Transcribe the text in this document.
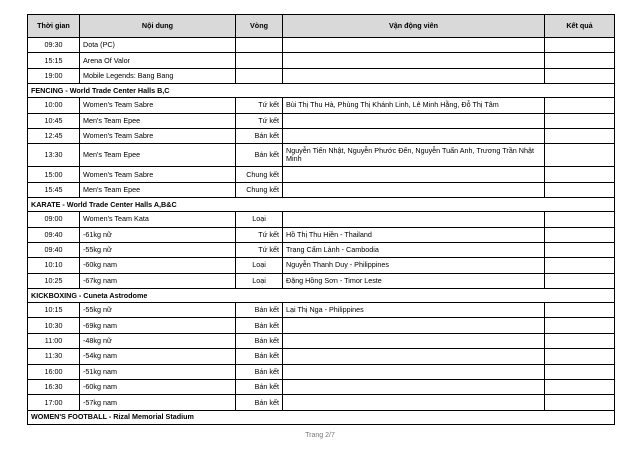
Thời gian	Nội dung	Vòng	Vận động viên	Kết quả
09:30	Dota (PC)			
15:15	Arena Of Valor			
19:00	Mobile Legends: Bang Bang			
FENCING - World Trade Center Halls B,C				
10:00	Women's Team Sabre	Tứ kết	Bùi Thị Thu Hà, Phùng Thị Khánh Linh, Lê Minh Hằng, Đỗ Thị Tâm	
10:45	Men's Team Epee	Tứ kết		
12:45	Women's Team Sabre	Bán kết		
13:30	Men's Team Epee	Bán kết	Nguyễn Tiến Nhật, Nguyễn Phước Đến, Nguyễn Tuấn Anh, Trương Trần Nhật Minh	
15:00	Women's Team Sabre	Chung kết		
15:45	Men's Team Epee	Chung kết		
KARATE - World Trade Center Halls A,B&C				
09:00	Women's Team Kata	Loại		
09:40	-61kg nữ	Tứ kết	Hồ Thị Thu Hiền - Thailand	
09:40	-55kg nữ	Tứ kết	Trang Cẩm Lành - Cambodia	
10:10	-60kg nam	Loại	Nguyễn Thanh Duy - Philippines	
10:25	-67kg nam	Loại	Đặng Hồng Sơn - Timor Leste	
KICKBOXING - Cuneta Astrodome				
10:15	-55kg nữ	Bán kết	Lại Thị Nga - Philippines	
10:30	-69kg nam	Bán kết		
11:00	-48kg nữ	Bán kết		
11:30	-54kg nam	Bán kết		
16:00	-51kg nam	Bán kết		
16:30	-60kg nam	Bán kết		
17:00	-57kg nam	Bán kết		
WOMEN'S FOOTBALL - Rizal Memorial Stadium				
Trang 2/7
